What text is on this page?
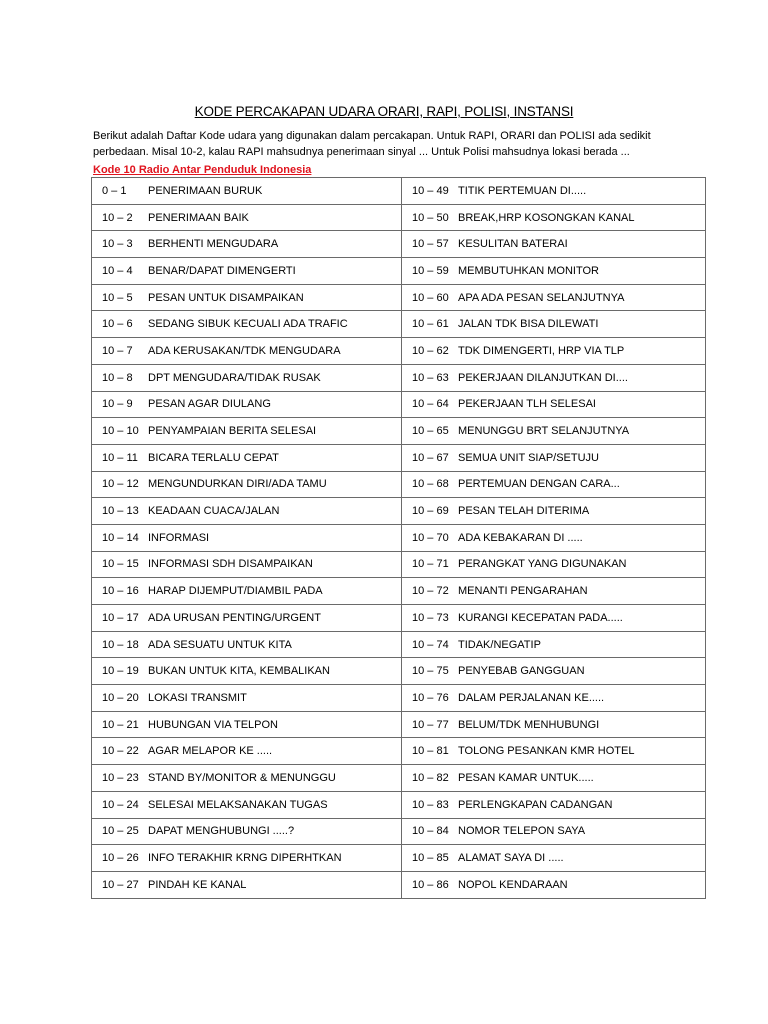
KODE PERCAKAPAN UDARA ORARI, RAPI, POLISI, INSTANSI
Berikut adalah Daftar Kode udara yang digunakan dalam percakapan. Untuk RAPI, ORARI dan POLISI ada sedikit perbedaan. Misal 10-2, kalau RAPI mahsudnya penerimaan sinyal ... Untuk Polisi mahsudnya lokasi berada ...
Kode 10 Radio Antar Penduduk Indonesia
0 – 1 PENERIMAAN BURUK	10 – 49 TITIK PERTEMUAN DI.....
10 – 2 PENERIMAAN BAIK	10 – 50 BREAK,HRP KOSONGKAN KANAL
10 – 3 BERHENTI MENGUDARA	10 – 57 KESULITAN BATERAI
10 – 4 BENAR/DAPAT DIMENGERTI	10 – 59 MEMBUTUHKAN MONITOR
10 – 5 PESAN UNTUK DISAMPAIKAN	10 – 60 APA ADA PESAN SELANJUTNYA
10 – 6 SEDANG SIBUK KECUALI ADA TRAFIC	10 – 61 JALAN TDK BISA DILEWATI
10 – 7 ADA KERUSAKAN/TDK MENGUDARA	10 – 62 TDK DIMENGERTI, HRP VIA TLP
10 – 8 DPT MENGUDARA/TIDAK RUSAK	10 – 63 PEKERJAAN DILANJUTKAN DI....
10 – 9 PESAN AGAR DIULANG	10 – 64 PEKERJAAN TLH SELESAI
10 – 10 PENYAMPAIAN BERITA SELESAI	10 – 65 MENUNGGU BRT SELANJUTNYA
10 – 11 BICARA TERLALU CEPAT	10 – 67 SEMUA UNIT SIAP/SETUJU
10 – 12 MENGUNDURKAN DIRI/ADA TAMU	10 – 68 PERTEMUAN DENGAN CARA...
10 – 13 KEADAAN CUACA/JALAN	10 – 69 PESAN TELAH DITERIMA
10 – 14 INFORMASI	10 – 70 ADA KEBAKARAN DI .....
10 – 15 INFORMASI SDH DISAMPAIKAN	10 – 71 PERANGKAT YANG DIGUNAKAN
10 – 16 HARAP DIJEMPUT/DIAMBIL PADA	10 – 72 MENANTI PENGARAHAN
10 – 17 ADA URUSAN PENTING/URGENT	10 – 73 KURANGI KECEPATAN PADA.....
10 – 18 ADA SESUATU UNTUK KITA	10 – 74 TIDAK/NEGATIP
10 – 19 BUKAN UNTUK KITA, KEMBALIKAN	10 – 75 PENYEBAB GANGGUAN
10 – 20 LOKASI TRANSMIT	10 – 76 DALAM PERJALANAN KE.....
10 – 21 HUBUNGAN VIA TELPON	10 – 77 BELUM/TDK MENHUBUNGI
10 – 22 AGAR MELAPOR KE .....	10 – 81 TOLONG PESANKAN KMR HOTEL
10 – 23 STAND BY/MONITOR & MENUNGGU	10 – 82 PESAN KAMAR UNTUK.....
10 – 24 SELESAI MELAKSANAKAN TUGAS	10 – 83 PERLENGKAPAN CADANGAN
10 – 25 DAPAT MENGHUBUNGI .....?	10 – 84 NOMOR TELEPON SAYA
10 – 26 INFO TERAKHIR KRNG DIPERHTKAN	10 – 85 ALAMAT SAYA DI .....
10 – 27 PINDAH KE KANAL	10 – 86 NOPOL KENDARAAN
